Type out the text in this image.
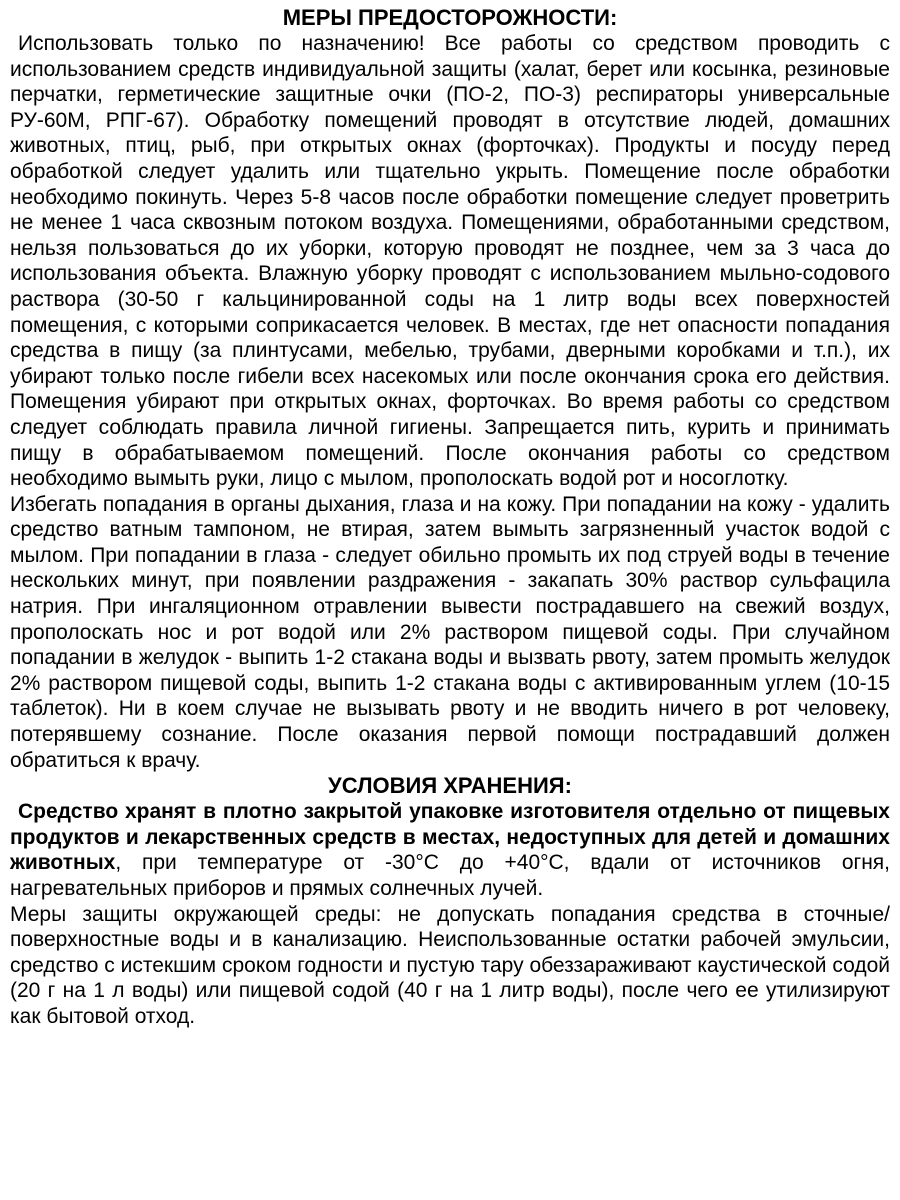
МЕРЫ ПРЕДОСТОРОЖНОСТИ:

Использовать только по назначению! Все работы со средством проводить с использованием средств индивидуальной защиты (халат, берет или косынка, резиновые перчатки, герметические защитные очки (ПО-2, ПО-3) респираторы универсальные РУ-60М, РПГ-67). Обработку помещений проводят в отсутствие людей, домашних животных, птиц, рыб, при открытых окнах (форточках). Продукты и посуду перед обработкой следует удалить или тщательно укрыть. Помещение после обработки необходимо покинуть. Через 5-8 часов после обработки помещение следует проветрить не менее 1 часа сквозным потоком воздуха. Помещениями, обработанными средством, нельзя пользоваться до их уборки, которую проводят не позднее, чем за 3 часа до использования объекта. Влажную уборку проводят с использованием мыльно-содового раствора (30-50 г кальцинированной соды на 1 литр воды всех поверхностей помещения, с которыми соприкасается человек. В местах, где нет опасности попадания средства в пищу (за плинтусами, мебелью, трубами, дверными коробками и т.п.), их убирают только после гибели всех насекомых или после окончания срока его действия. Помещения убирают при открытых окнах, форточках. Во время работы со средством следует соблюдать правила личной гигиены. Запрещается пить, курить и принимать пищу в обрабатываемом помещений. После окончания работы со средством необходимо вымыть руки, лицо с мылом, прополоскать водой рот и носоглотку.

Избегать попадания в органы дыхания, глаза и на кожу. При попадании на кожу - удалить средство ватным тампоном, не втирая, затем вымыть загрязненный участок водой с мылом. При попадании в глаза - следует обильно промыть их под струей воды в течение нескольких минут, при появлении раздражения - закапать 30% раствор сульфацила натрия. При ингаляционном отравлении вывести пострадавшего на свежий воздух, прополоскать нос и рот водой или 2% раствором пищевой соды. При случайном попадании в желудок - выпить 1-2 стакана воды и вызвать рвоту, затем промыть желудок 2% раствором пищевой соды, выпить 1-2 стакана воды с активированным углем (10-15 таблеток). Ни в коем случае не вызывать рвоту и не вводить ничего в рот человеку, потерявшему сознание. После оказания первой помощи пострадавший должен обратиться к врачу.

УСЛОВИЯ ХРАНЕНИЯ:

Средство хранят в плотно закрытой упаковке изготовителя отдельно от пищевых продуктов и лекарственных средств в местах, недоступных для детей и домашних животных, при температуре от -30°С до +40°С, вдали от источников огня, нагревательных приборов и прямых солнечных лучей.

Меры защиты окружающей среды: не допускать попадания средства в сточные/поверхностные воды и в канализацию. Неиспользованные остатки рабочей эмульсии, средство с истекшим сроком годности и пустую тару обеззараживают каустической содой (20 г на 1 л воды) или пищевой содой (40 г на 1 литр воды), после чего ее утилизируют как бытовой отход.
